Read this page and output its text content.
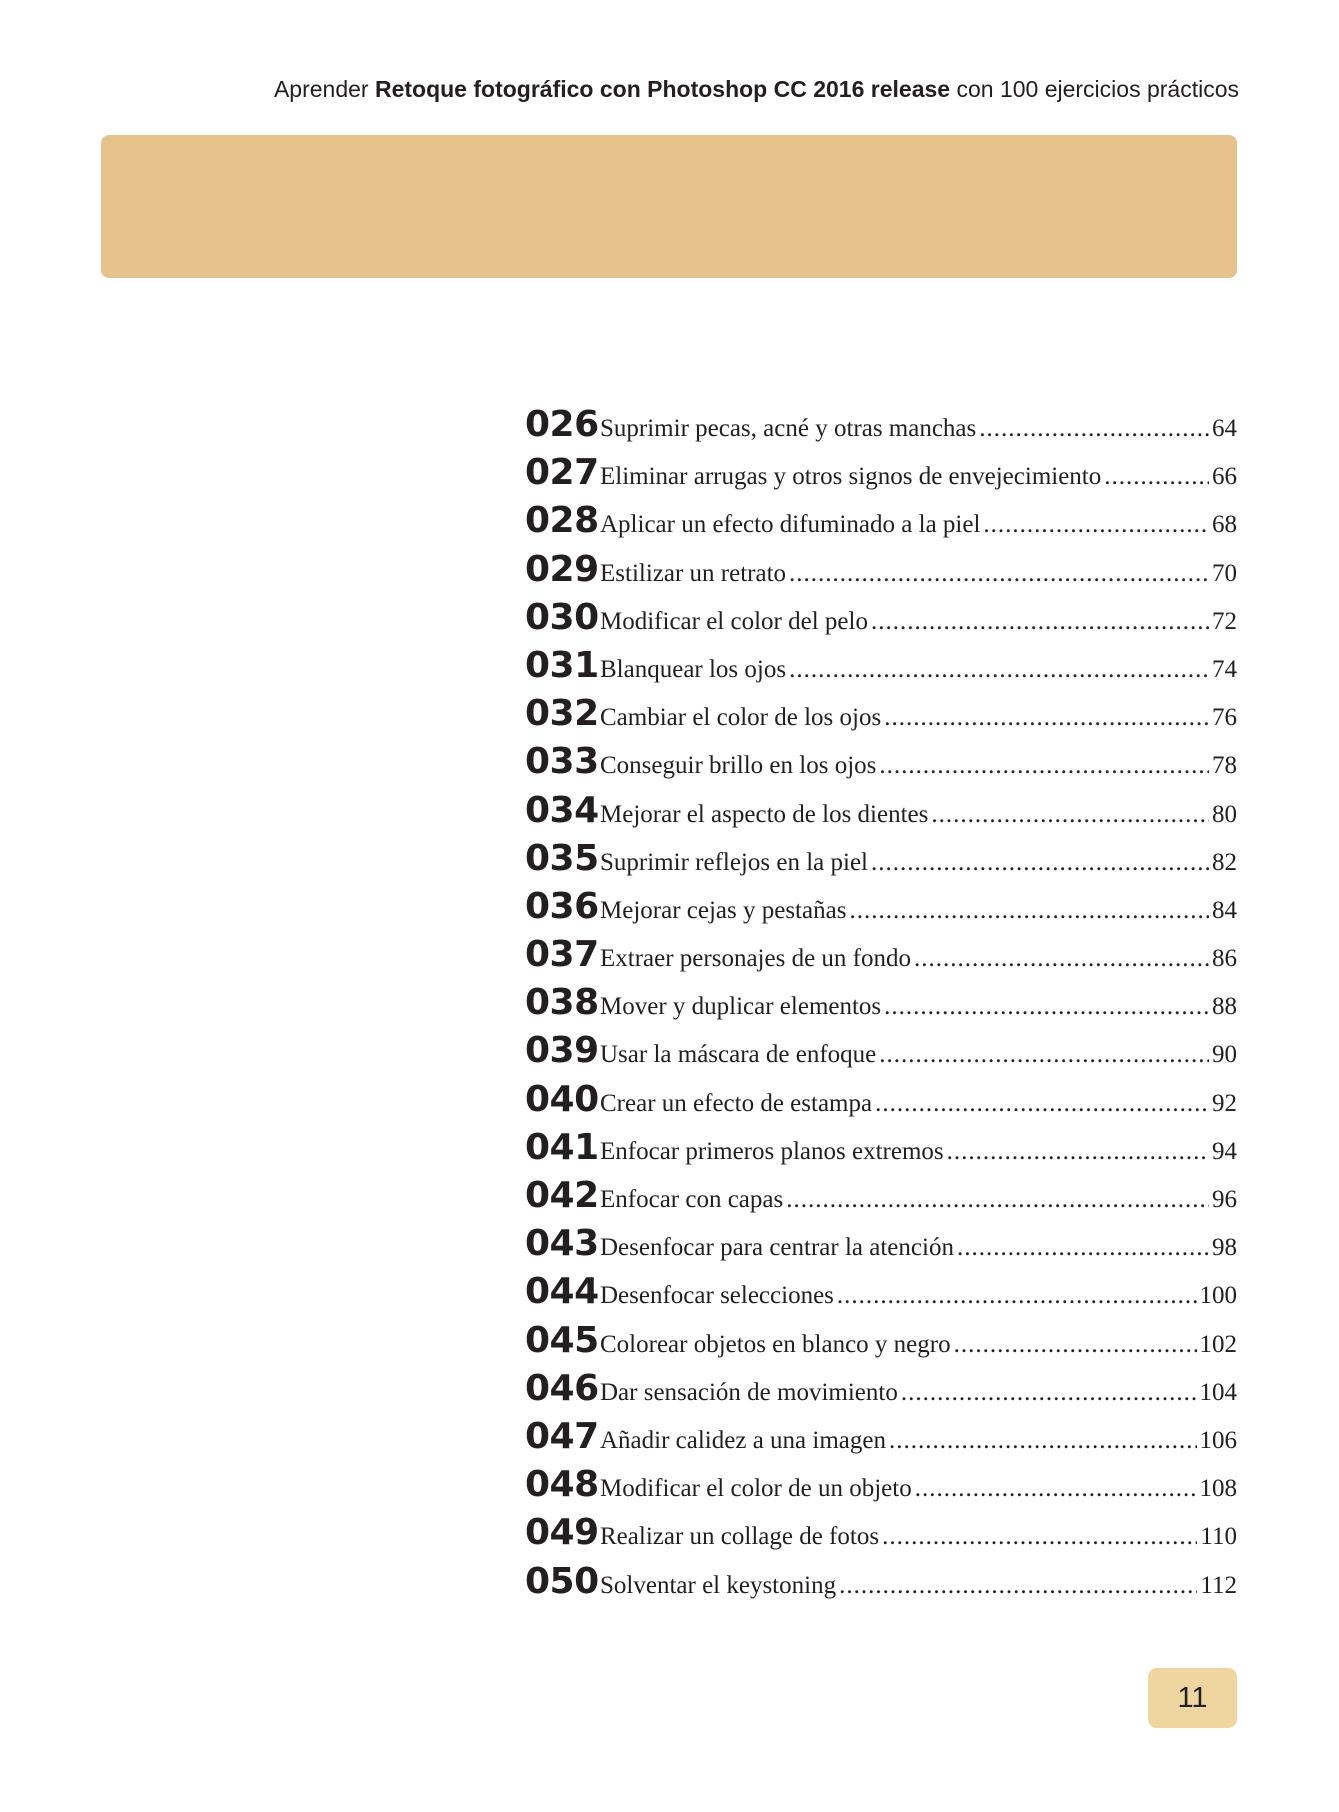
Aprender Retoque fotográfico con Photoshop CC 2016 release con 100 ejercicios prácticos
026 Suprimir pecas, acné y otras manchas .....	64
027 Eliminar arrugas y otros signos de envejecimiento .....	66
028 Aplicar un efecto difuminado a la piel .....	68
029 Estilizar un retrato .....	70
030 Modificar el color del pelo .....	72
031 Blanquear los ojos .....	74
032 Cambiar el color de los ojos .....	76
033 Conseguir brillo en los ojos .....	78
034 Mejorar el aspecto de los dientes .....	80
035 Suprimir reflejos en la piel .....	82
036 Mejorar cejas y pestañas .....	84
037 Extraer personajes de un fondo .....	86
038 Mover y duplicar elementos .....	88
039 Usar la máscara de enfoque .....	90
040 Crear un efecto de estampa .....	92
041 Enfocar primeros planos extremos .....	94
042 Enfocar con capas .....	96
043 Desenfocar para centrar la atención .....	98
044 Desenfocar selecciones .....	100
045 Colorear objetos en blanco y negro .....	102
046 Dar sensación de movimiento .....	104
047 Añadir calidez a una imagen .....	106
048 Modificar el color de un objeto .....	108
049 Realizar un collage de fotos .....	110
050 Solventar el keystoning .....	112
11
